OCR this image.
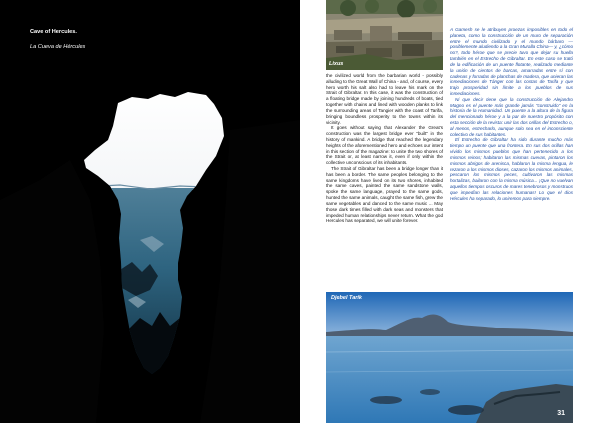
Cave of Hercules.
La Cueva de Hércules
Lixus

the civilized world from the barbarian world - possibly alluding to the Great Wall of China - and, of course, every hero worth his salt also had to leave his mark on the Strait of Gibraltar. In this case, it was the construction of a floating bridge made by joining hundreds of boats, tied together with chains and lined with wooden planks to link the surrounding areas of Tangier with the coast of Tarifa, bringing boundless prosperity to the towns within its vicinity.

It goes without saying that Alexander the Great's construction was the largest bridge ever "built" in the history of mankind. A bridge that reached the legendary heights of the aforementioned hero and echoes our intent in this section of the magazine: to unite the two shores of the Strait or, at least narrow it, even if only within the collective unconscious of its inhabitants.

The Strait of Gibraltar has been a bridge longer than it has been a border. The same peoples belonging to the same kingdoms have lived on its two shores, inhabited the same caves, painted the same sandstone walls, spoke the same language, prayed to the same gods, hunted the same animals, caught the same fish, grew the same vegetables and danced to the same music ... May those dark times filled with dark seas and monsters that impeded human relationships never return. What the god Hercules has separated, we will unite forever.

A Gamesh se le atribuyen proezas imposibles en todo el planeta, como la construcción de un muro de separación entre el mundo civilizado y el mundo bárbaro —posiblemente aludiendo a la Gran Muralla China— y, ¿cómo no?, todo héroe que se precie tuvo que dejar su huella también en el Estrecho de Gibraltar. En este caso se trató de la edificación de un puente flotante, realizado mediante la unión de cientos de barcas, amarradas entre sí con cadenas y forradas de planchas de madera, que unieran las inmediaciones de Tánger con las costas de Tarifa y que trajo prosperidad sin límite a los pueblos de sus inmediaciones.

Ni que decir tiene que la construcción de Alejandro Magno es el puente más grande jamás "construido" en la historia de la Humanidad. Un puente a la altura de la figura del mencionado héroe y a la par de nuestro propósito con esta sección de la revista: unir las dos orillas del Estrecho o, al menos, estrecharlo, aunque solo sea en el inconsciente colectivo de sus habitantes.

El Estrecho de Gibraltar ha sido durante mucho más tiempo un puente que una frontera. En sus dos orillas han vivido los mismos pueblos que han pertenecido a los mismos reinos; habitaron las mismas cuevas, pintaron los mismos abrigos de arenisca, hablaron la misma lengua, le rezaron a los mismos dioses, cazaron los mismos animales, pescaron los mismos peces, cultivaron las mismas hortalizas, bailaron con la misma música... ¡Que no vuelvan aquellos tiempos oscuros de mares tenebrosos y monstruos que impedían las relaciones humanas! Lo que el dios Hércules ha separado, lo uniremos para siempre.

Djebel Tarik
31
